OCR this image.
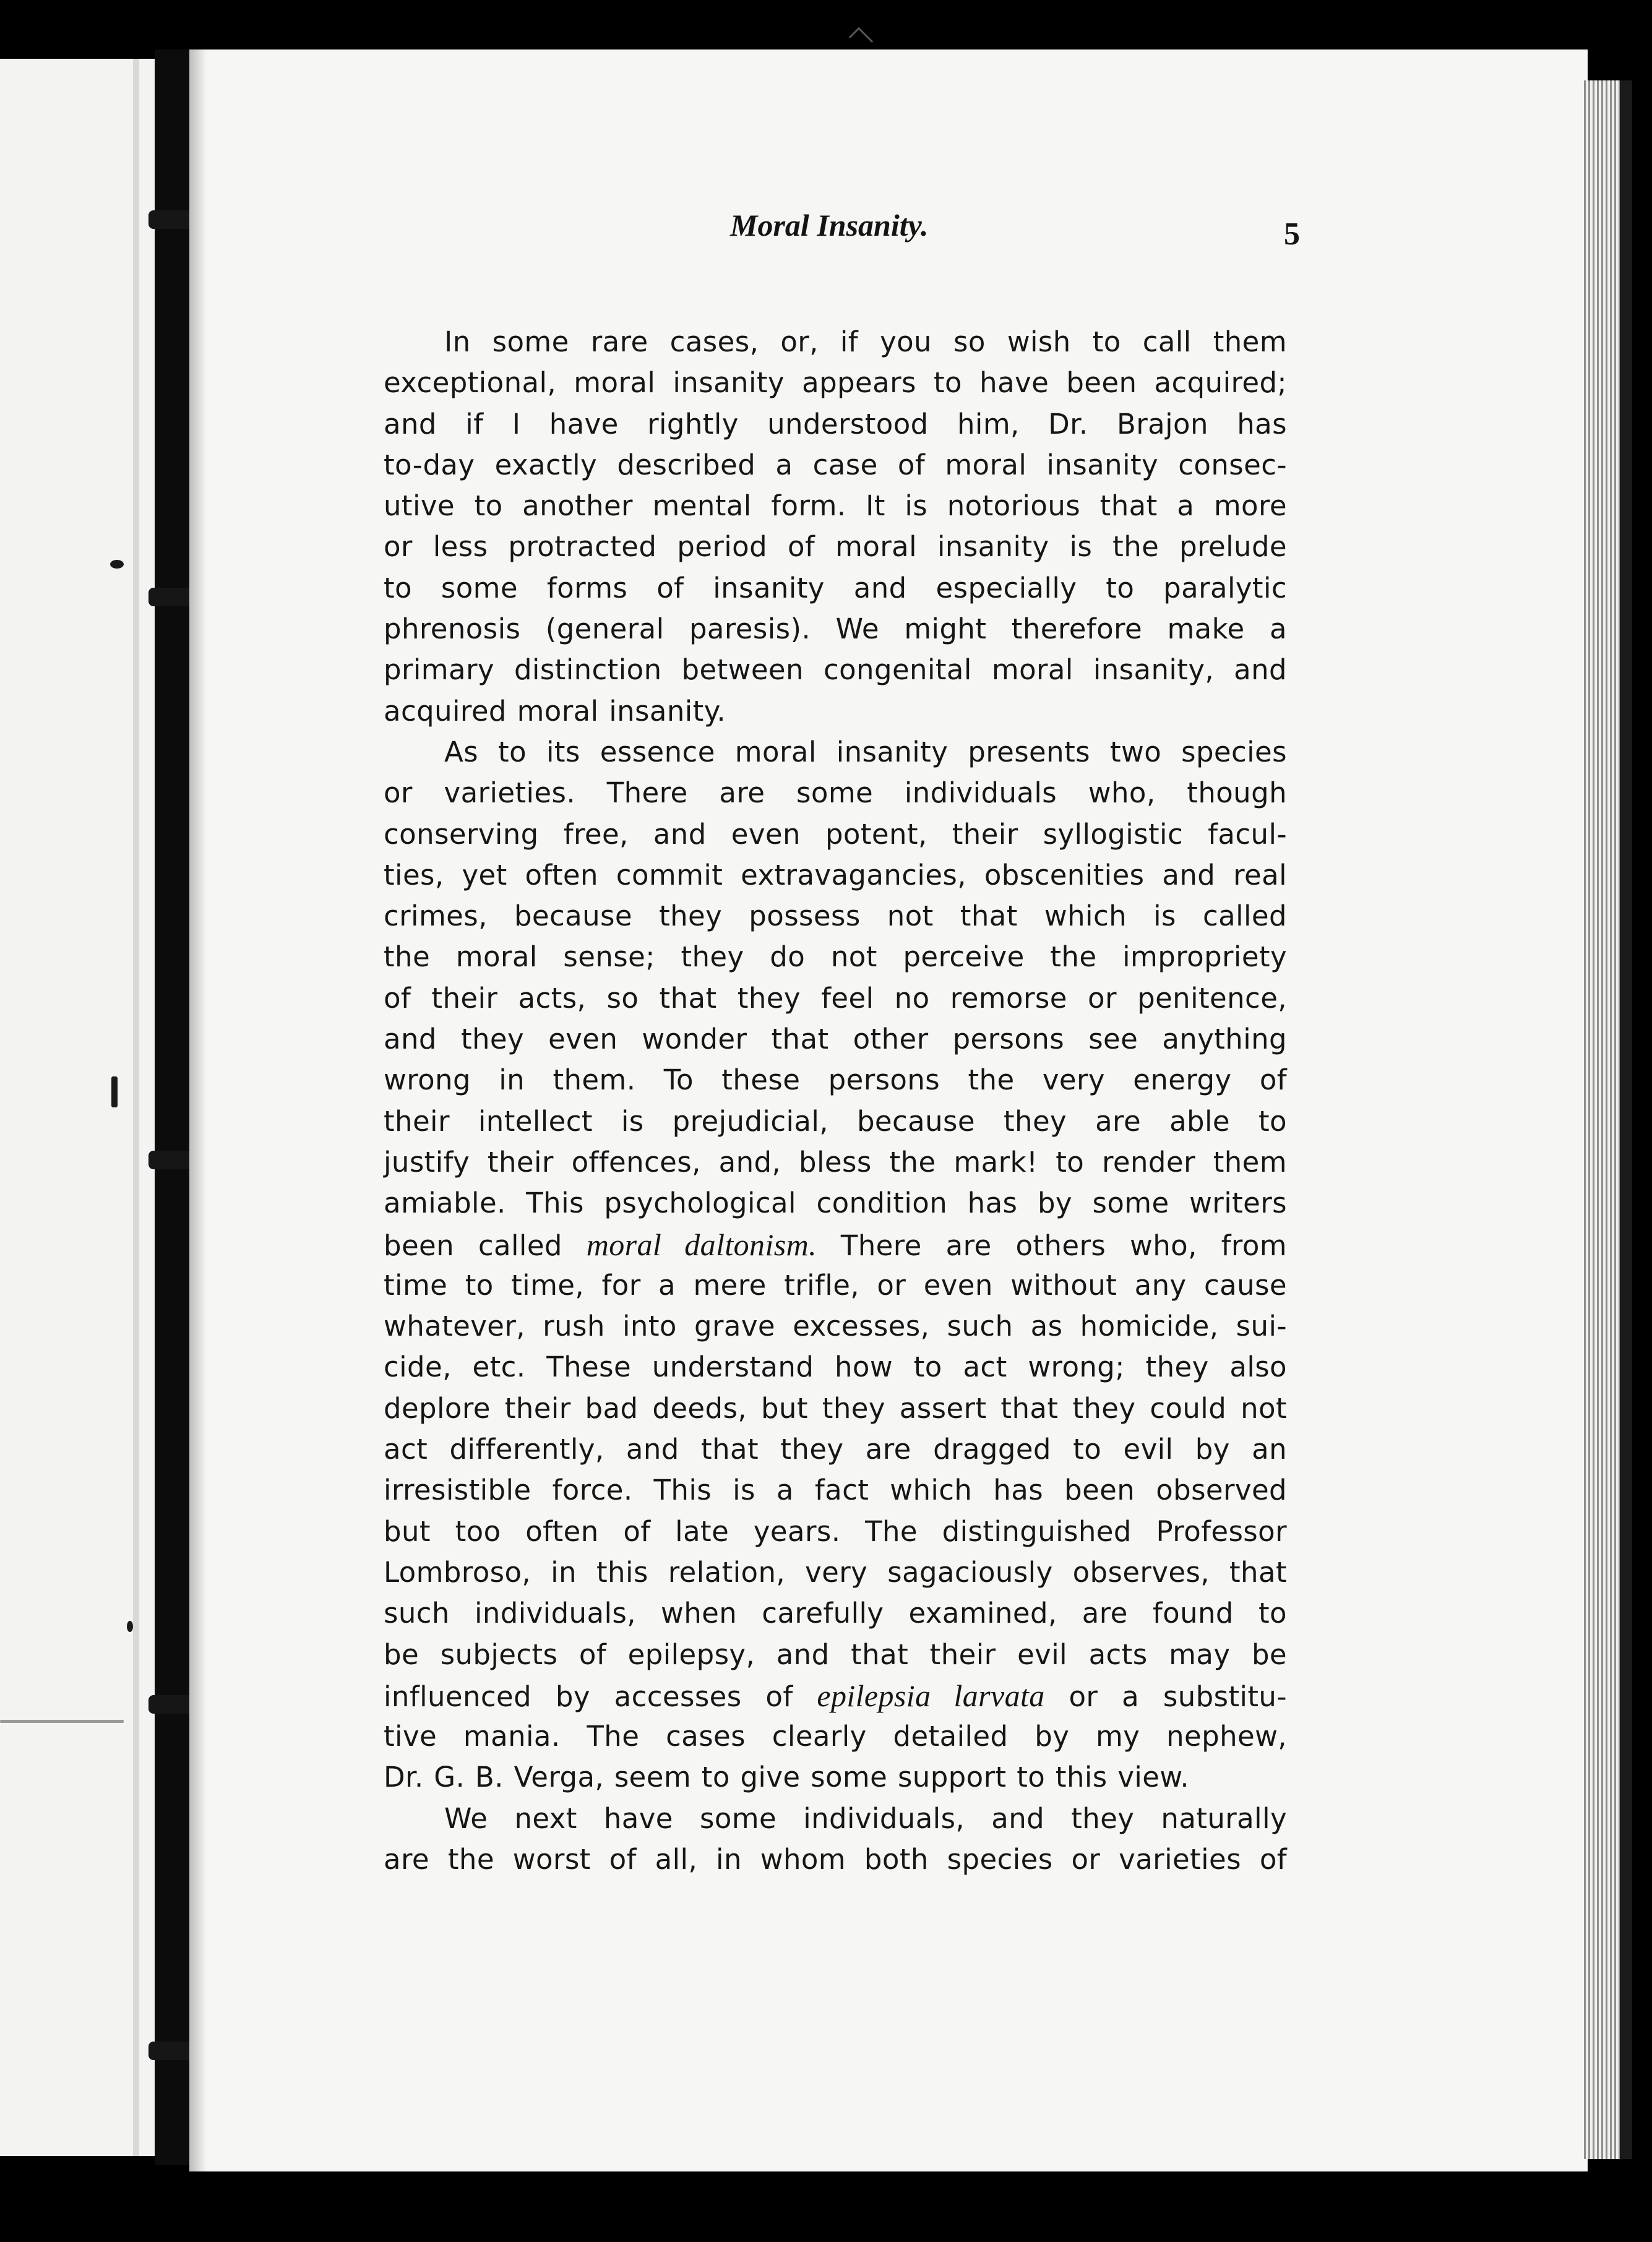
Moral Insanity.	5
In some rare cases, or, if you so wish to call them
exceptional, moral insanity appears to have been acquired;
and if I have rightly understood him, Dr. Brajon has
to-day exactly described a case of moral insanity consec-
utive to another mental form. It is notorious that a more
or less protracted period of moral insanity is the prelude
to some forms of insanity and especially to paralytic
phrenosis (general paresis). We might therefore make a
primary distinction between congenital moral insanity, and
acquired moral insanity.
As to its essence moral insanity presents two species
or varieties. There are some individuals who, though
conserving free, and even potent, their syllogistic facul-
ties, yet often commit extravagancies, obscenities and real
crimes, because they possess not that which is called
the moral sense; they do not perceive the impropriety
of their acts, so that they feel no remorse or penitence,
and they even wonder that other persons see anything
wrong in them. To these persons the very energy of
their intellect is prejudicial, because they are able to
justify their offences, and, bless the mark! to render them
amiable. This psychological condition has by some writers
been called moral daltonism. There are others who, from
time to time, for a mere trifle, or even without any cause
whatever, rush into grave excesses, such as homicide, sui-
cide, etc. These understand how to act wrong; they also
deplore their bad deeds, but they assert that they could not
act differently, and that they are dragged to evil by an
irresistible force. This is a fact which has been observed
but too often of late years. The distinguished Professor
Lombroso, in this relation, very sagaciously observes, that
such individuals, when carefully examined, are found to
be subjects of epilepsy, and that their evil acts may be
influenced by accesses of epilepsia larvata or a substitu-
tive mania. The cases clearly detailed by my nephew,
Dr. G. B. Verga, seem to give some support to this view.
We next have some individuals, and they naturally
are the worst of all, in whom both species or varieties of
